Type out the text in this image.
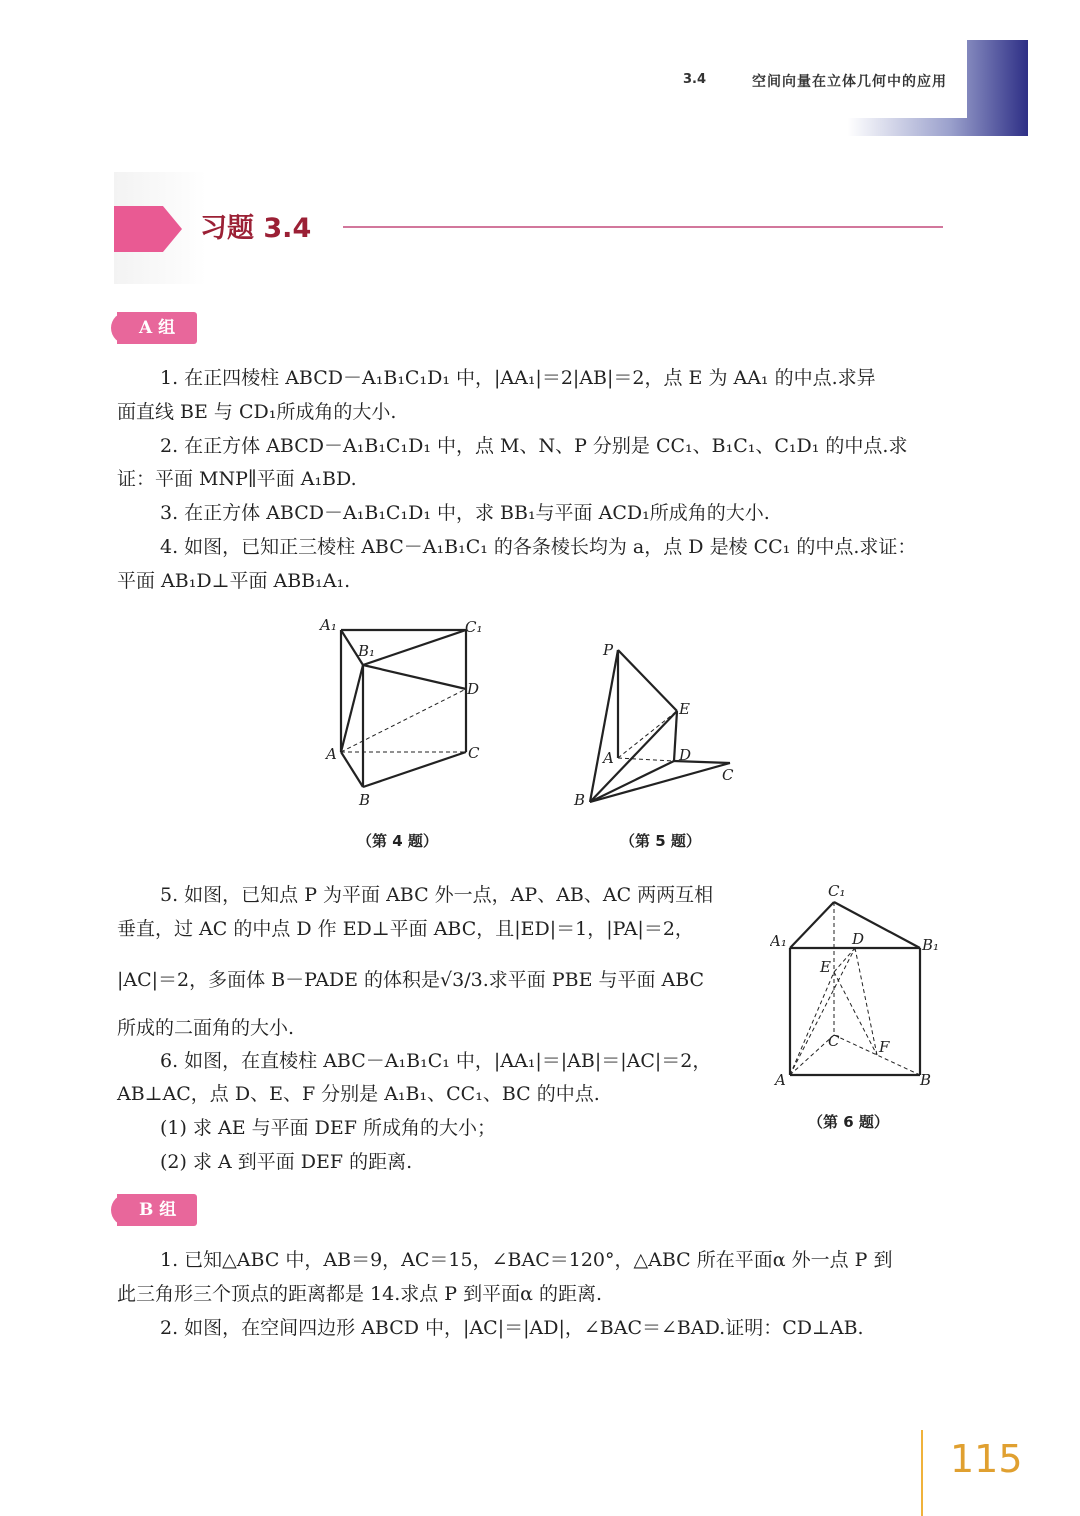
3.4	空间向量在立体几何中的应用
习题 3.4
A 组
1. 在正四棱柱 ABCD－A₁B₁C₁D₁ 中，|AA₁|＝2|AB|＝2，点 E 为 AA₁ 的中点.求异
面直线 BE 与 CD₁所成角的大小.
2. 在正方体 ABCD－A₁B₁C₁D₁ 中，点 M、N、P 分别是 CC₁、B₁C₁、C₁D₁ 的中点.求
证：平面 MNP∥平面 A₁BD.
3. 在正方体 ABCD－A₁B₁C₁D₁ 中，求 BB₁与平面 ACD₁所成角的大小.
4. 如图，已知正三棱柱 ABC－A₁B₁C₁ 的各条棱长均为 a，点 D 是棱 CC₁ 的中点.求证：
平面 AB₁D⊥平面 ABB₁A₁.
A₁
B₁
C₁
D
A	C
B
（第 4 题）
P
E
D
A
C
B
（第 5 题）
5. 如图，已知点 P 为平面 ABC 外一点，AP、AB、AC 两两互相
垂直，过 AC 的中点 D 作 ED⊥平面 ABC，且|ED|＝1，|PA|＝2，
|AC|＝2，多面体 B－PADE 的体积是√3/3.求平面 PBE 与平面 ABC
所成的二面角的大小.
6. 如图，在直棱柱 ABC－A₁B₁C₁ 中，|AA₁|＝|AB|＝|AC|＝2，
AB⊥AC，点 D、E、F 分别是 A₁B₁、CC₁、BC 的中点.
(1) 求 AE 与平面 DEF 所成角的大小；
(2) 求 A 到平面 DEF 的距离.
C₁
A₁	D	B₁
E
C	F
A	B
（第 6 题）
B 组
1. 已知△ABC 中，AB＝9，AC＝15，∠BAC＝120°，△ABC 所在平面α 外一点 P 到
此三角形三个顶点的距离都是 14.求点 P 到平面α 的距离.
2. 如图，在空间四边形 ABCD 中，|AC|＝|AD|，∠BAC＝∠BAD.证明：CD⊥AB.
115
